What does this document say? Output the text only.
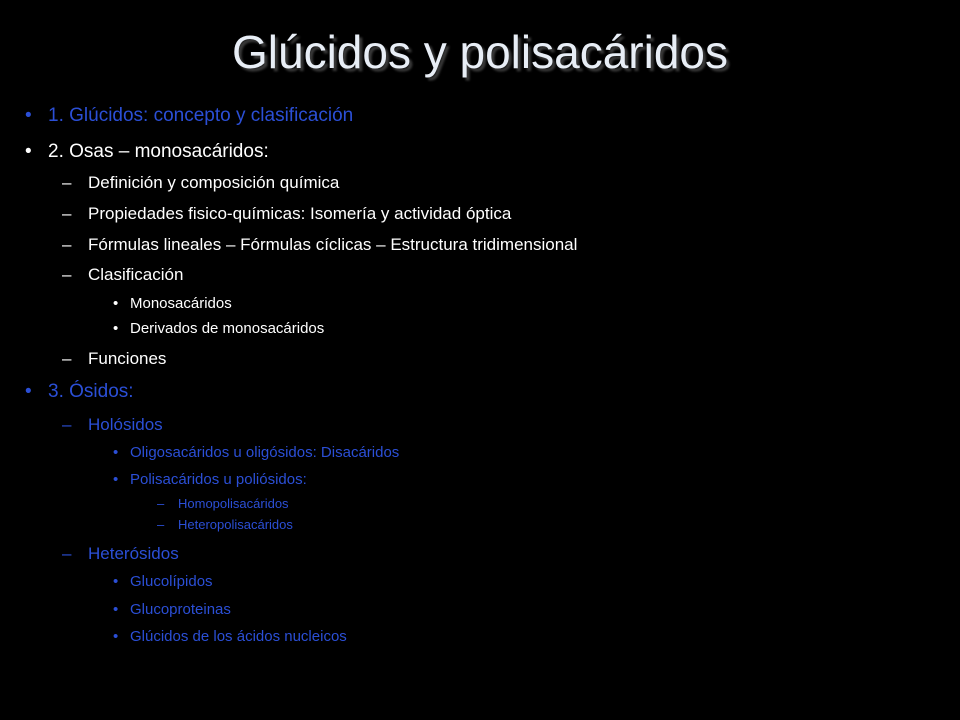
Glúcidos y polisacáridos
• 1. Glúcidos: concepto y clasificación
• 2. Osas – monosacáridos:
– Definición y composición química
– Propiedades fisico-químicas: Isomería y actividad óptica
– Fórmulas lineales – Fórmulas cíclicas – Estructura tridimensional
– Clasificación
• Monosacáridos
• Derivados de monosacáridos
– Funciones
• 3. Ósidos:
– Holósidos
• Oligosacáridos u oligósidos: Disacáridos
• Polisacáridos u poliósidos:
– Homopolisacáridos
– Heteropolisacáridos
– Heterósidos
• Glucolípidos
• Glucoproteinas
• Glúcidos de los ácidos nucleicos
